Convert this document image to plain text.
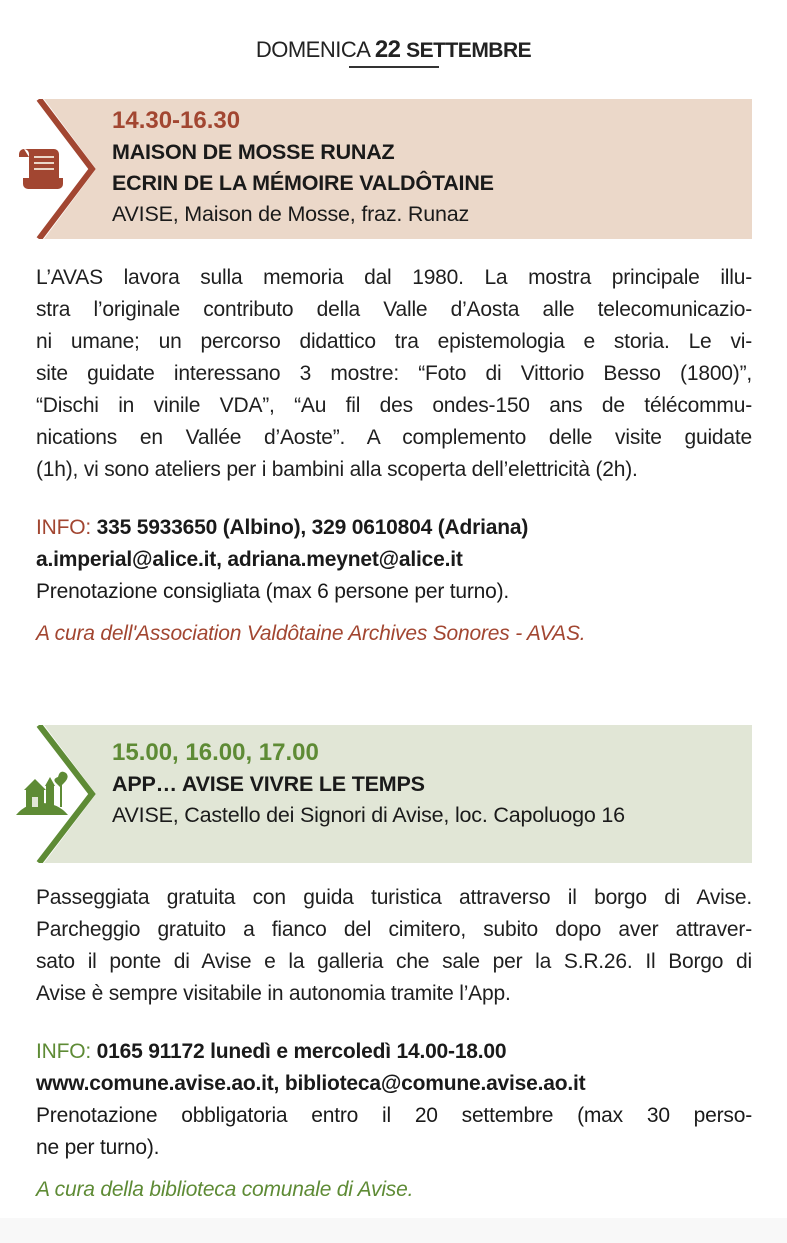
DOMENICA 22 SETTEMBRE
14.30-16.30
MAISON DE MOSSE RUNAZ
ECRIN DE LA MÉMOIRE VALDÔTAINE
AVISE, Maison de Mosse, fraz. Runaz
L’AVAS lavora sulla memoria dal 1980. La mostra principale illu-
stra l’originale contributo della Valle d’Aosta alle telecomunicazio-
ni umane; un percorso didattico tra epistemologia e storia. Le vi-
site guidate interessano 3 mostre: “Foto di Vittorio Besso (1800)”,
“Dischi in vinile VDA”, “Au fil des ondes-150 ans de télécommu-
nications en Vallée d’Aoste”. A complemento delle visite guidate
(1h), vi sono ateliers per i bambini alla scoperta dell’elettricità (2h).
INFO: 335 5933650 (Albino), 329 0610804 (Adriana)
a.imperial@alice.it, adriana.meynet@alice.it
Prenotazione consigliata (max 6 persone per turno).
A cura dell'Association Valdôtaine Archives Sonores - AVAS.
15.00, 16.00, 17.00
APP… AVISE VIVRE LE TEMPS
AVISE, Castello dei Signori di Avise, loc. Capoluogo 16
Passeggiata gratuita con guida turistica attraverso il borgo di Avise.
Parcheggio gratuito a fianco del cimitero, subito dopo aver attraver-
sato il ponte di Avise e la galleria che sale per la S.R.26. Il Borgo di
Avise è sempre visitabile in autonomia tramite l’App.
INFO: 0165 91172 lunedì e mercoledì 14.00-18.00
www.comune.avise.ao.it, biblioteca@comune.avise.ao.it
Prenotazione obbligatoria entro il 20 settembre (max 30 perso-
ne per turno).
A cura della biblioteca comunale di Avise.
